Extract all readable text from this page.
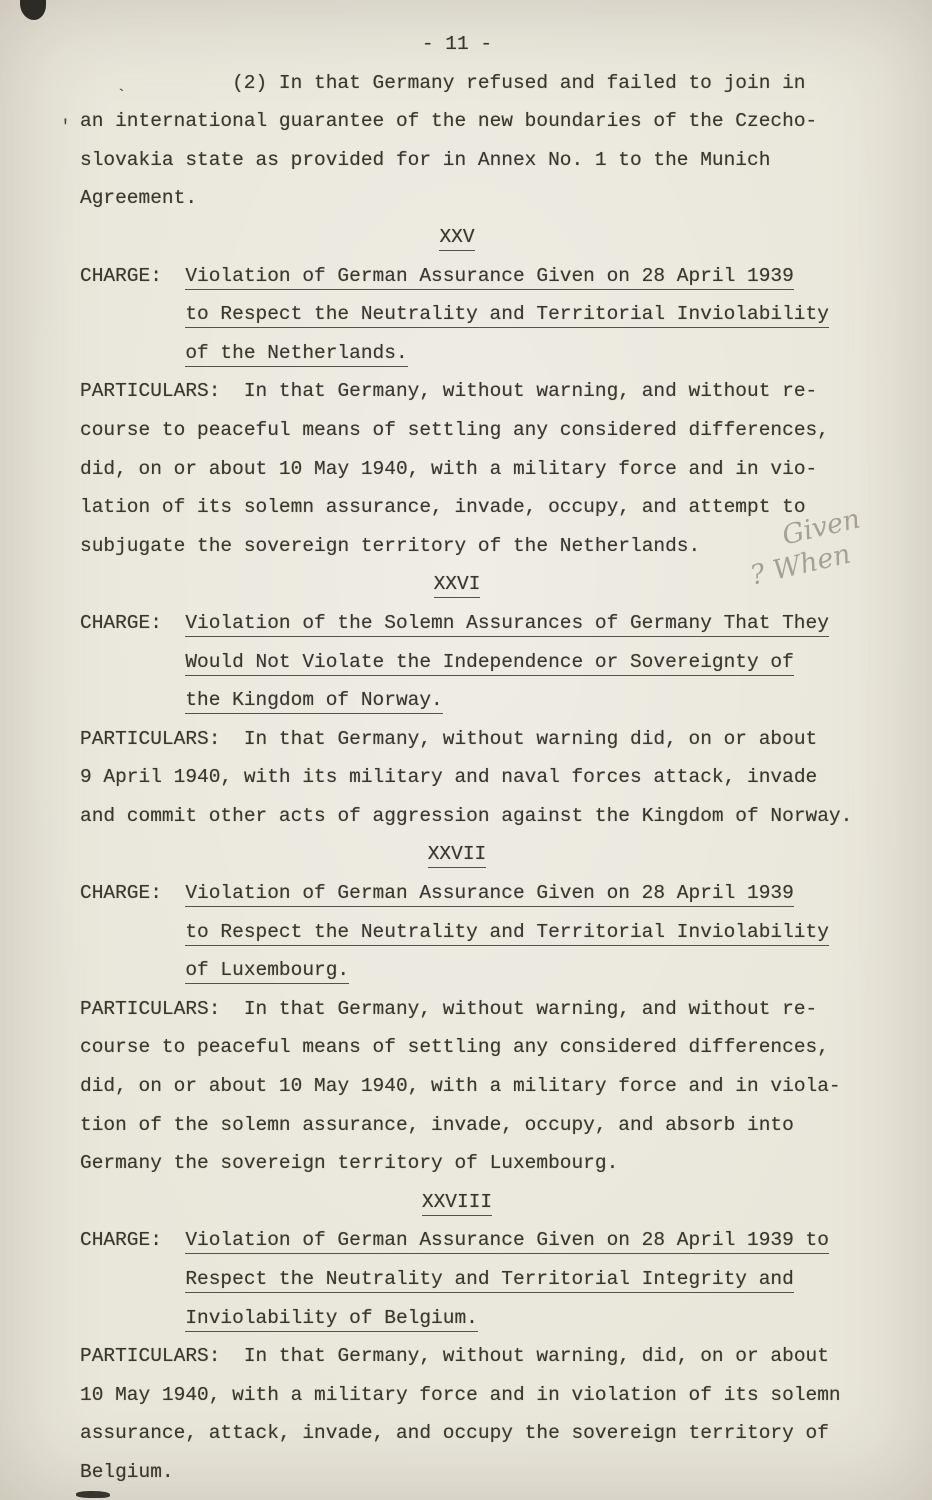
- 11 -
(2) In that Germany refused and failed to join in
an international guarantee of the new boundaries of the Czecho-
slovakia state as provided for in Annex No. 1 to the Munich
Agreement.
XXV
CHARGE: Violation of German Assurance Given on 28 April 1939
to Respect the Neutrality and Territorial Inviolability
of the Netherlands.
PARTICULARS: In that Germany, without warning, and without re-
course to peaceful means of settling any considered differences,
did, on or about 10 May 1940, with a military force and in vio-
lation of its solemn assurance, invade, occupy, and attempt to
subjugate the sovereign territory of the Netherlands.
XXVI
CHARGE: Violation of the Solemn Assurances of Germany That They
Would Not Violate the Independence or Sovereignty of
the Kingdom of Norway.
PARTICULARS: In that Germany, without warning did, on or about
9 April 1940, with its military and naval forces attack, invade
and commit other acts of aggression against the Kingdom of Norway.
XXVII
CHARGE: Violation of German Assurance Given on 28 April 1939
to Respect the Neutrality and Territorial Inviolability
of Luxembourg.
PARTICULARS: In that Germany, without warning, and without re-
course to peaceful means of settling any considered differences,
did, on or about 10 May 1940, with a military force and in viola-
tion of the solemn assurance, invade, occupy, and absorb into
Germany the sovereign territory of Luxembourg.
XXVIII
CHARGE: Violation of German Assurance Given on 28 April 1939 to
Respect the Neutrality and Territorial Integrity and
Inviolability of Belgium.
PARTICULARS: In that Germany, without warning, did, on or about
10 May 1940, with a military force and in violation of its solemn
assurance, attack, invade, and occupy the sovereign territory of
Belgium.
Given
? When
`
'
